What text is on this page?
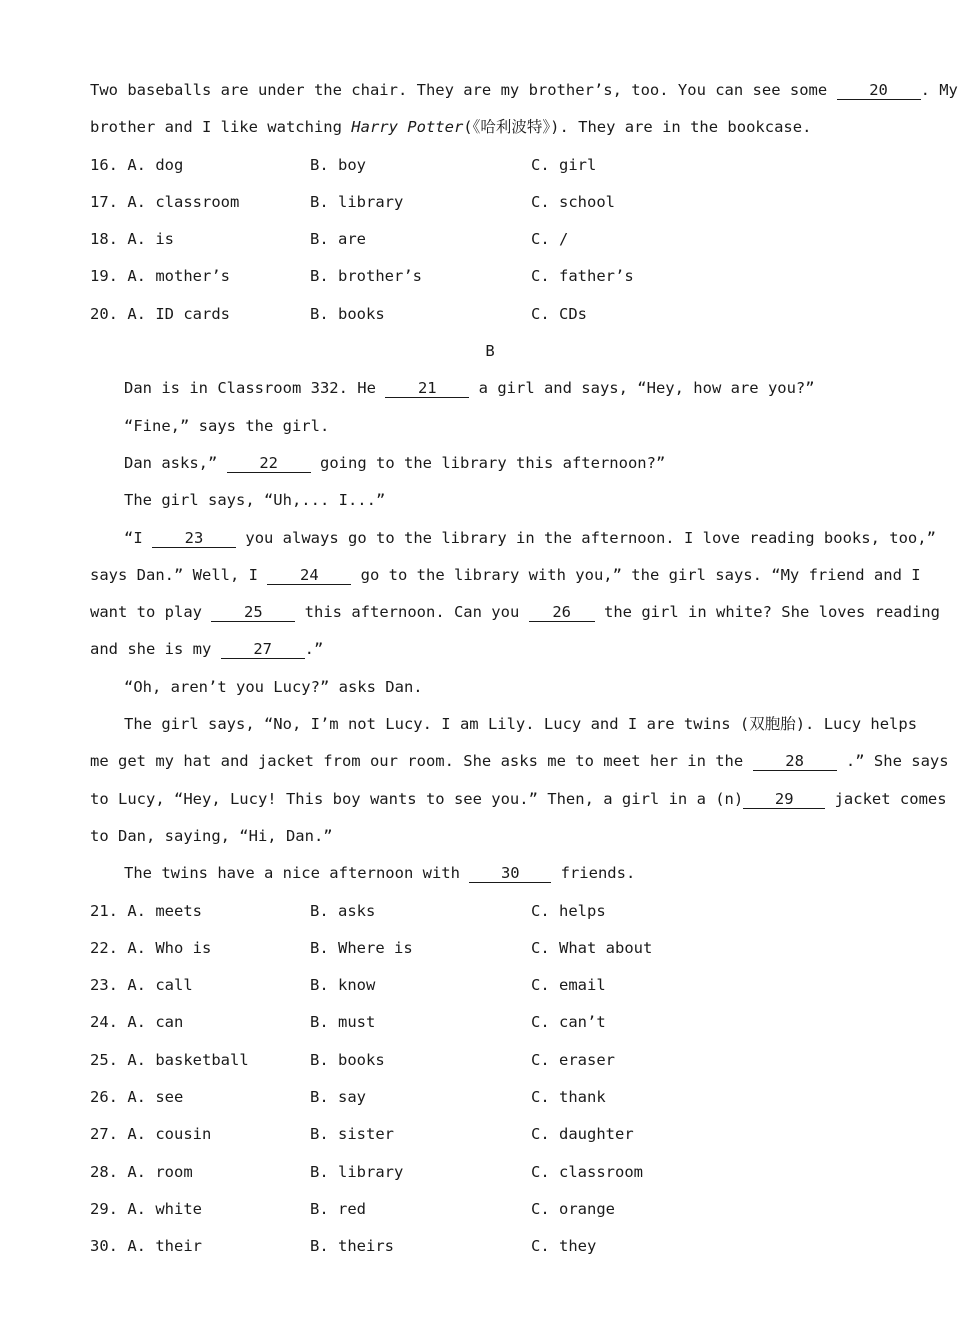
Two baseballs are under the chair. They are my brother’s, too. You can see some	20 . My
brother and I like watching Harry Potter(《哈利波特》). They are in the bookcase.
16. A. dog	B. boy	C. girl
17. A. classroom	B. library	C. school
18. A. is	B. are	C. /
19. A. mother’s	B. brother’s	C. father’s
20. A. ID cards	B. books	C. CDs
B
Dan is in Classroom 332. He	21	a girl and says, “Hey, how are you?”
“Fine,” says the girl.
Dan asks,”	22	going to the library this afternoon?”
The girl says, “Uh,... I...”
“I	23	you always go to the library in the afternoon. I love reading books, too,”
says Dan.” Well, I	24	go to the library with you,” the girl says. “My friend and I
want to play	25	this afternoon. Can you 26 the girl in white? She loves reading
and she is my	27 .”
“Oh, aren’t you Lucy?” asks Dan.
The girl says, “No, I’m not Lucy. I am Lily. Lucy and I are twins (双胞胎). Lucy helps
me get my hat and jacket from our room. She asks me to meet her in the	28	.” She says
to Lucy, “Hey, Lucy! This boy wants to see you.” Then, a girl in a (n) 29	jacket comes
to Dan, saying, “Hi, Dan.”
The twins have a nice afternoon with	30	friends.
21. A. meets	B. asks	C. helps
22. A. Who is	B. Where is	C. What about
23. A. call	B. know	C. email
24. A. can	B. must	C. can’t
25. A. basketball	B. books	C. eraser
26. A. see	B. say	C. thank
27. A. cousin	B. sister	C. daughter
28. A. room	B. library	C. classroom
29. A. white	B. red	C. orange
30. A. their	B. theirs	C. they
